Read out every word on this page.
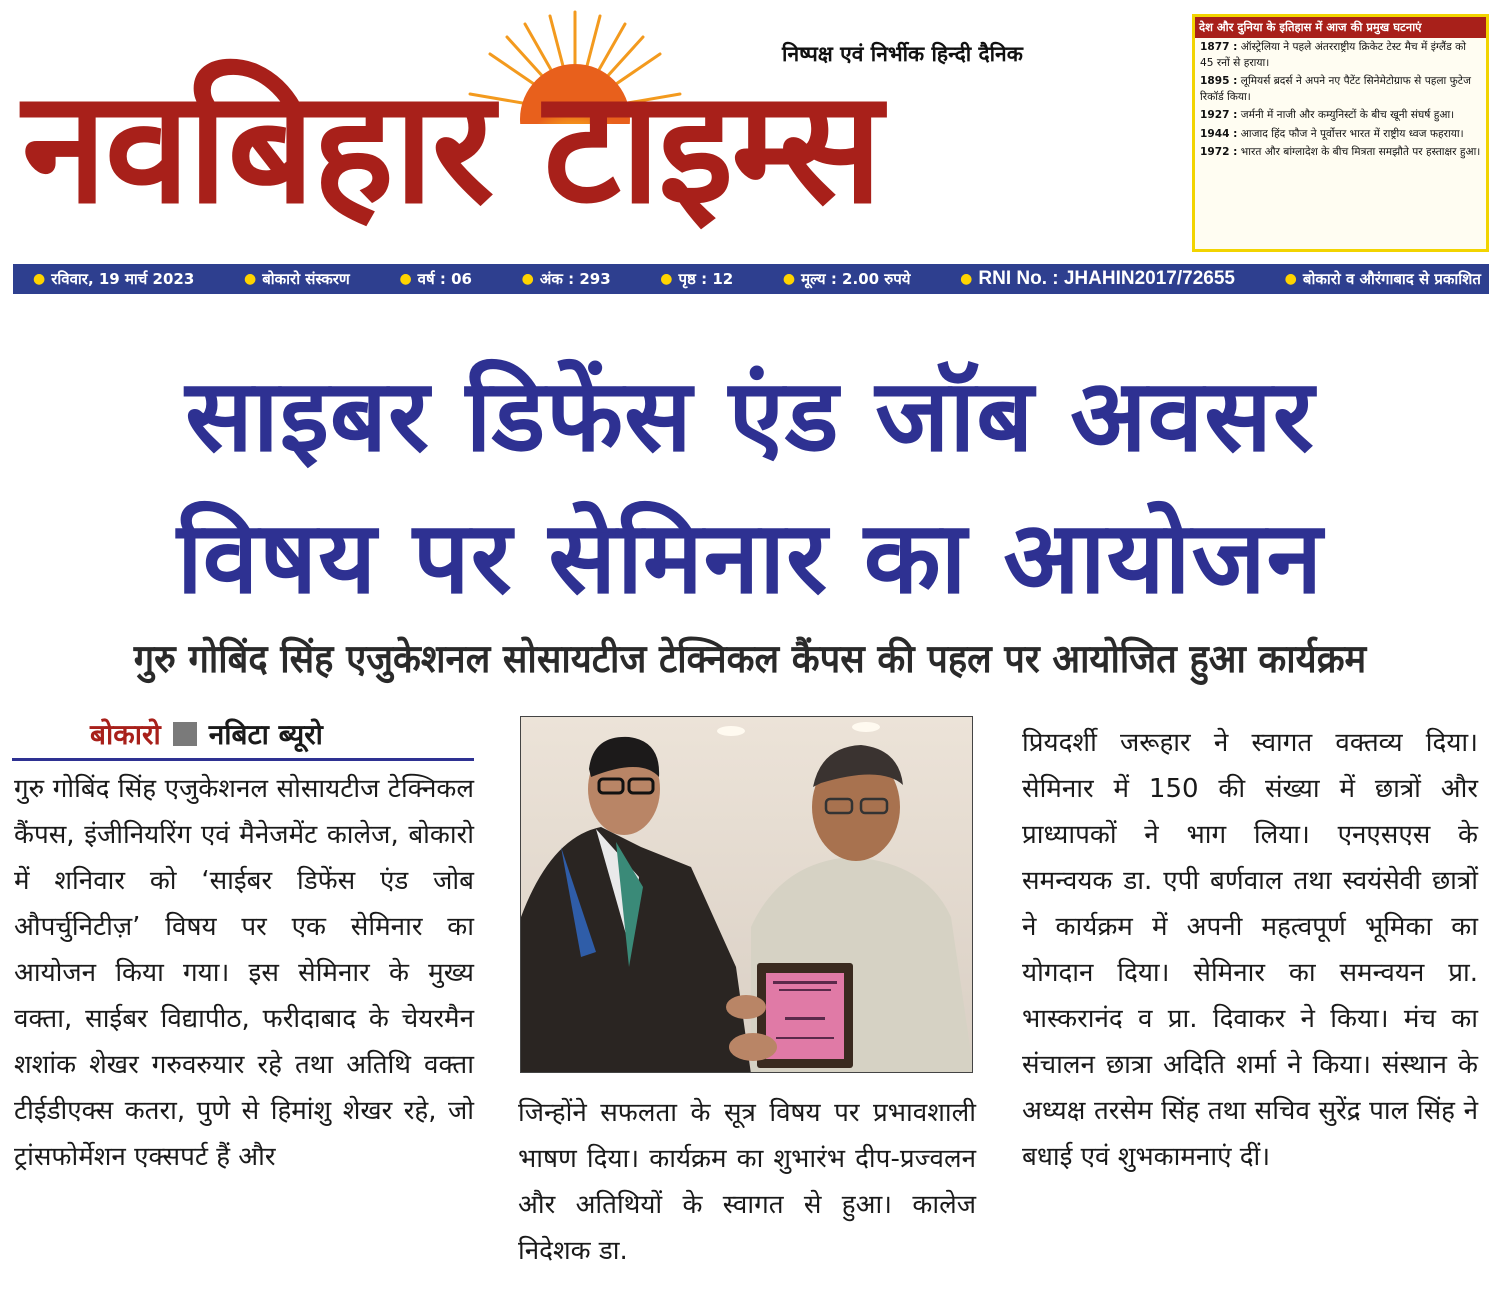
नवबिहार टाइम्स
निष्पक्ष एवं निर्भीक हिन्दी दैनिक
देश और दुनिया के इतिहास में आज की प्रमुख घटनाएं
1877 : ऑस्ट्रेलिया ने पहले अंतरराष्ट्रीय क्रिकेट टेस्ट मैच में इंग्लैंड को 45 रनों से हराया।
1895 : लूमियर्स ब्रदर्स ने अपने नए पैटेंट सिनेमेटोग्राफ से पहला फुटेज रिकॉर्ड किया।
1927 : जर्मनी में नाजी और कम्युनिस्टों के बीच खूनी संघर्ष हुआ।
1944 : आजाद हिंद फौज ने पूर्वोत्तर भारत में राष्ट्रीय ध्वज फहराया।
1972 : भारत और बांग्लादेश के बीच मित्रता समझौते पर हस्ताक्षर हुआ।
● रविवार, 19 मार्च 2023	● बोकारो संस्करण	● वर्ष : 06	● अंक : 293	● पृष्ठ : 12	● मूल्य : 2.00 रुपये	● RNI No. : JHAHIN2017/72655	● बोकारो व औरंगाबाद से प्रकाशित
साइबर डिफेंस एंड जॉब अवसर
विषय पर सेमिनार का आयोजन
गुरु गोबिंद सिंह एजुकेशनल सोसायटीज टेक्निकल कैंपस की पहल पर आयोजित हुआ कार्यक्रम
बोकारो नबिटा ब्यूरो

गुरु गोबिंद सिंह एजुकेशनल सोसायटीज टेक्निकल कैंपस, इंजीनियरिंग एवं मैनेजमेंट कालेज, बोकारो में शनिवार को ‘साईबर डिफेंस एंड जोब औपर्चुनिटीज़’ विषय पर एक सेमिनार का आयोजन किया गया। इस सेमिनार के मुख्य वक्ता, साईबर विद्यापीठ, फरीदाबाद के चेयरमैन शशांक शेखर गरुवरुयार रहे तथा अतिथि वक्ता टीईडीएक्स कतरा, पुणे से हिमांशु शेखर रहे, जो ट्रांसफोर्मेशन एक्सपर्ट हैं और

जिन्होंने सफलता के सूत्र विषय पर प्रभावशाली भाषण दिया। कार्यक्रम का शुभारंभ दीप-प्रज्वलन और अतिथियों के स्वागत से हुआ। कालेज निदेशक डा.

प्रियदर्शी जरूहार ने स्वागत वक्तव्य दिया। सेमिनार में 150 की संख्या में छात्रों और प्राध्यापकों ने भाग लिया। एनएसएस के समन्वयक डा. एपी बर्णवाल तथा स्वयंसेवी छात्रों ने कार्यक्रम में अपनी महत्वपूर्ण भूमिका का योगदान दिया। सेमिनार का समन्वयन प्रा. भास्करानंद व प्रा. दिवाकर ने किया। मंच का संचालन छात्रा अदिति शर्मा ने किया। संस्थान के अध्यक्ष तरसेम सिंह तथा सचिव सुरेंद्र पाल सिंह ने बधाई एवं शुभकामनाएं दीं।
